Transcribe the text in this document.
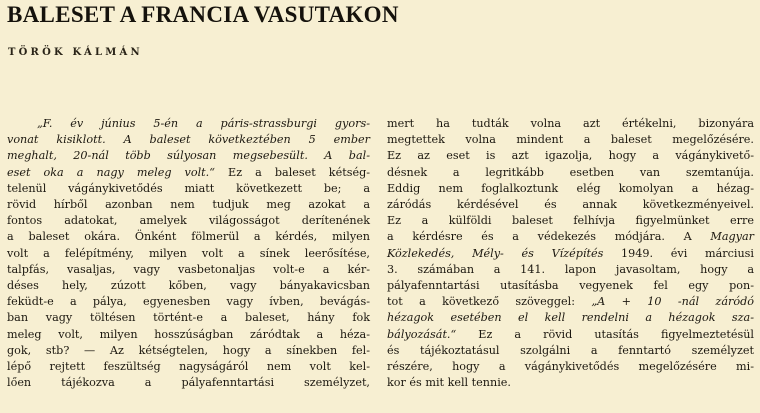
BALESET A FRANCIA VASUTAKON
TÖRÖK KÁLMÁN
„F. év június 5-én a páris-strassburgi gyors-
vonat kisiklott. A baleset következtében 5 ember
meghalt, 20-nál több súlyosan megsebesült. A bal-
eset oka a nagy meleg volt.“ Ez a baleset kétség-
telenül vágánykivetődés miatt következett be; a
rövid hírből azonban nem tudjuk meg azokat a
fontos adatokat, amelyek világosságot derítenének
a baleset okára. Önként fölmerül a kérdés, milyen
volt a felépítmény, milyen volt a sínek leerősítése,
talpfás, vasaljas, vagy vasbetonaljas volt-e a kér-
déses hely, zúzott kőben, vagy bányakavicsban
feküdt-e a pálya, egyenesben vagy ívben, bevágás-
ban vagy töltésen történt-e a baleset, hány fok
meleg volt, milyen hosszúságban záródtak a héza-
gok, stb? — Az kétségtelen, hogy a sínekben fel-
lépő rejtett feszültség nagyságáról nem volt kel-
lően tájékozva a pályafenntartási személyzet,
mert ha tudták volna azt értékelni, bizonyára
megtettek volna mindent a baleset megelőzésére.
Ez az eset is azt igazolja, hogy a vágánykivető-
désnek a legritkább esetben van szemtanúja.
Eddig nem foglalkoztunk elég komolyan a hézag-
záródás kérdésével és annak következményeivel.
Ez a külföldi baleset felhívja figyelmünket erre
a kérdésre és a védekezés módjára. A Magyar
Közlekedés, Mély- és Vízépítés 1949. évi márciusi
3. számában a 141. lapon javasoltam, hogy a
pályafenntartási utasításba vegyenek fel egy pon-
tot a következő szöveggel: „A + 10 -nál záródó
hézagok esetében el kell rendelni a hézagok sza-
bályozását.“ Ez a rövid utasítás figyelmeztetésül
és tájékoztatásul szolgálni a fenntartó személyzet
részére, hogy a vágánykivetődés megelőzésére mi-
kor és mit kell tennie.
